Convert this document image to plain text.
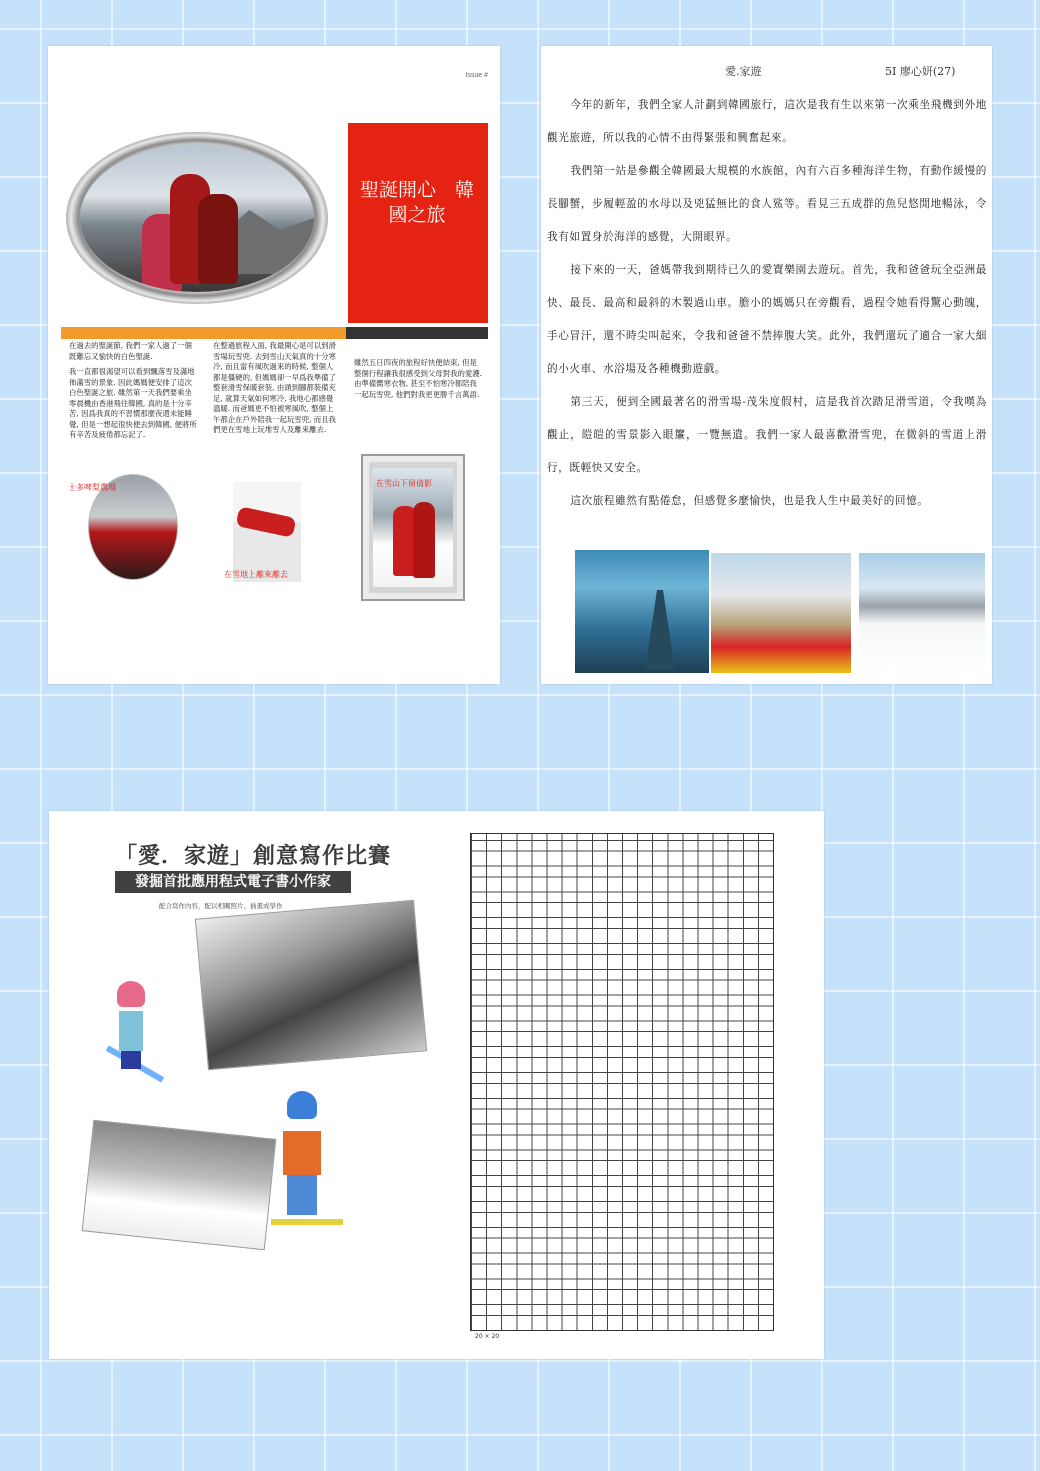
Issue #
聖誕開心　韓國之旅

在過去的聖誕節, 我們一家人過了一個既難忘又愉快的白色聖誕.

我一直都很渴望可以看到飄落雪及滿地佈滿雪的景象. 因此媽媽便安排了這次白色聖誕之旅. 雖然第一天我們要乘坐零晨機由香港飛往韓國, 真的是十分辛苦, 因爲我真的不習慣那麼夜還未能睡覺, 但是一想起很快便去到韓國, 便將所有辛苦及疲倦都忘記了.

在整過旅程入面, 我最開心是可以到滑雪場玩雪兜. 去到雪山天氣真的十分寒冷, 而且當有風吹過來的時候, 整個人都是僵硬的, 但媽媽卻一早爲我準備了整套滑雪保暖套裝, 由頭到腳都裝備充足, 就算天氣如何寒冷, 我地心都感覺溫暖. 而爸媽更不怕被寒風吹, 整個上午都企在戶外陪我一起玩雪兜, 而且我們更在雪地上玩堆雪人及離來離去.

雖然五日四夜的旅程好快便結束, 但是整個行程讓我很感受到父母對我的愛護. 由準備嚮寒衣物, 甚至不怕寒冷都陪我一起玩雪兜, 他們對我更更勝千言萬語.

士多啤梨農場
在雪地上離來離去
在雪山下留倩影
愛.家遊	5I 廖心妍(27)

今年的新年，我們全家人計劃到韓國旅行，這次是我有生以來第一次乘坐飛機到外地觀光旅遊，所以我的心情不由得緊張和興奮起來。

我們第一站是參觀全韓國最大規模的水族館，內有六百多種海洋生物，有動作緩慢的長腳蟹，步履輕盈的水母以及兇猛無比的食人鯊等。看見三五成群的魚兒悠閒地暢泳，令我有如置身於海洋的感覺，大開眼界。

接下來的一天，爸媽帶我到期待已久的愛寶樂園去遊玩。首先，我和爸爸玩全亞洲最快、最長、最高和最斜的木製過山車。膽小的媽媽只在旁觀看，過程令她看得驚心動魄，手心冒汗，還不時尖叫起來，令我和爸爸不禁捧腹大笑。此外，我們還玩了適合一家大細的小火車、水浴場及各種機動遊戲。

第三天，便到全國最著名的滑雪場-茂朱度假村，這是我首次踏足滑雪道，令我嘆為觀止，皚皚的雪景影入眼簾，一覽無遺。我們一家人最喜歡滑雪兜，在微斜的雪道上滑行，既輕快又安全。

這次旅程雖然有點倦怠，但感覺多麼愉快，也是我人生中最美好的回憶。

「愛．家遊」創意寫作比賽
發掘首批應用程式電子書小作家
配合寫作內容，配以相關照片、插畫或學作
20 × 20
